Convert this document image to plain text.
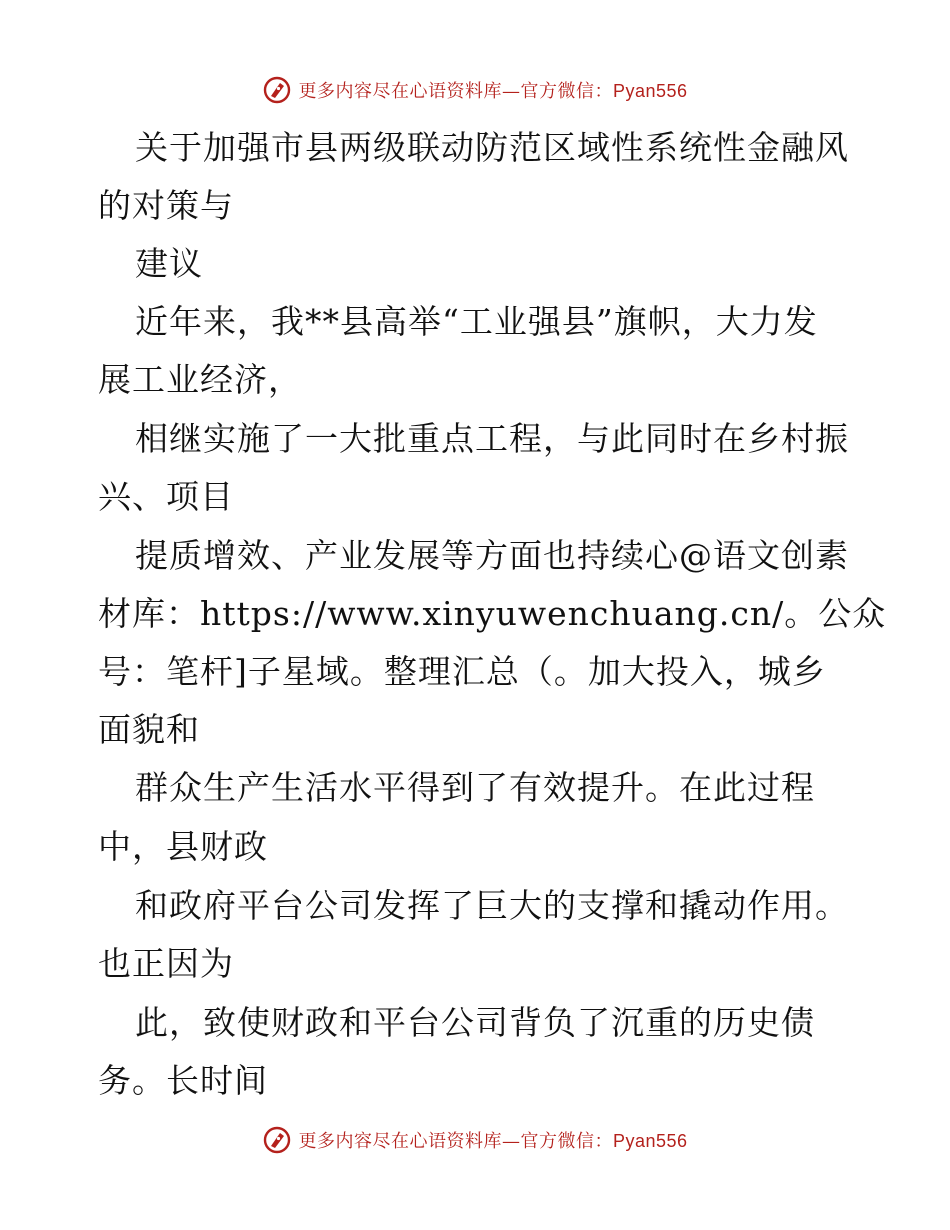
更多内容尽在心语资料库—官方微信：Pyan556
关于加强市县两级联动防范区域性系统性金融风
的对策与
建议
近年来，我**县高举“工业强县”旗帜，大力发
展工业经济，
相继实施了一大批重点工程，与此同时在乡村振
兴、项目
提质增效、产业发展等方面也持续心@语文创素
材库：https://www.xinyuwenchuang.cn/。公众
号：笔杆]子星域。整理汇总（。加大投入，城乡
面貌和
群众生产生活水平得到了有效提升。在此过程
中，县财政
和政府平台公司发挥了巨大的支撑和撬动作用。
也正因为
此，致使财政和平台公司背负了沉重的历史债
务。长时间
更多内容尽在心语资料库—官方微信：Pyan556
